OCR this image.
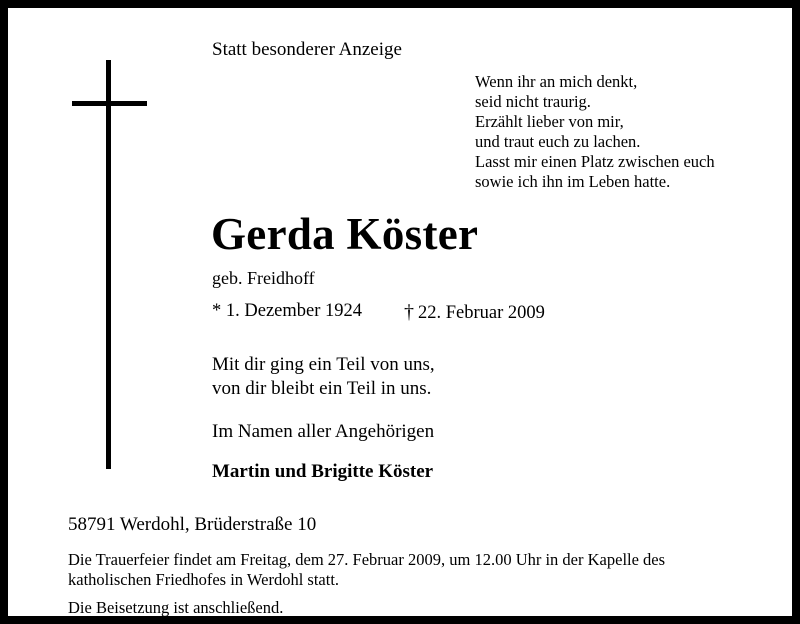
Statt besonderer Anzeige
Wenn ihr an mich denkt,
seid nicht traurig.
Erzählt lieber von mir,
und traut euch zu lachen.
Lasst mir einen Platz zwischen euch
sowie ich ihn im Leben hatte.
Gerda Köster
geb. Freidhoff
* 1. Dezember 1924 † 22. Februar 2009
Mit dir ging ein Teil von uns,
von dir bleibt ein Teil in uns.
Im Namen aller Angehörigen
Martin und Brigitte Köster
58791 Werdohl, Brüderstraße 10
Die Trauerfeier findet am Freitag, dem 27. Februar 2009, um 12.00 Uhr in der Kapelle des
katholischen Friedhofes in Werdohl statt.
Die Beisetzung ist anschließend.
